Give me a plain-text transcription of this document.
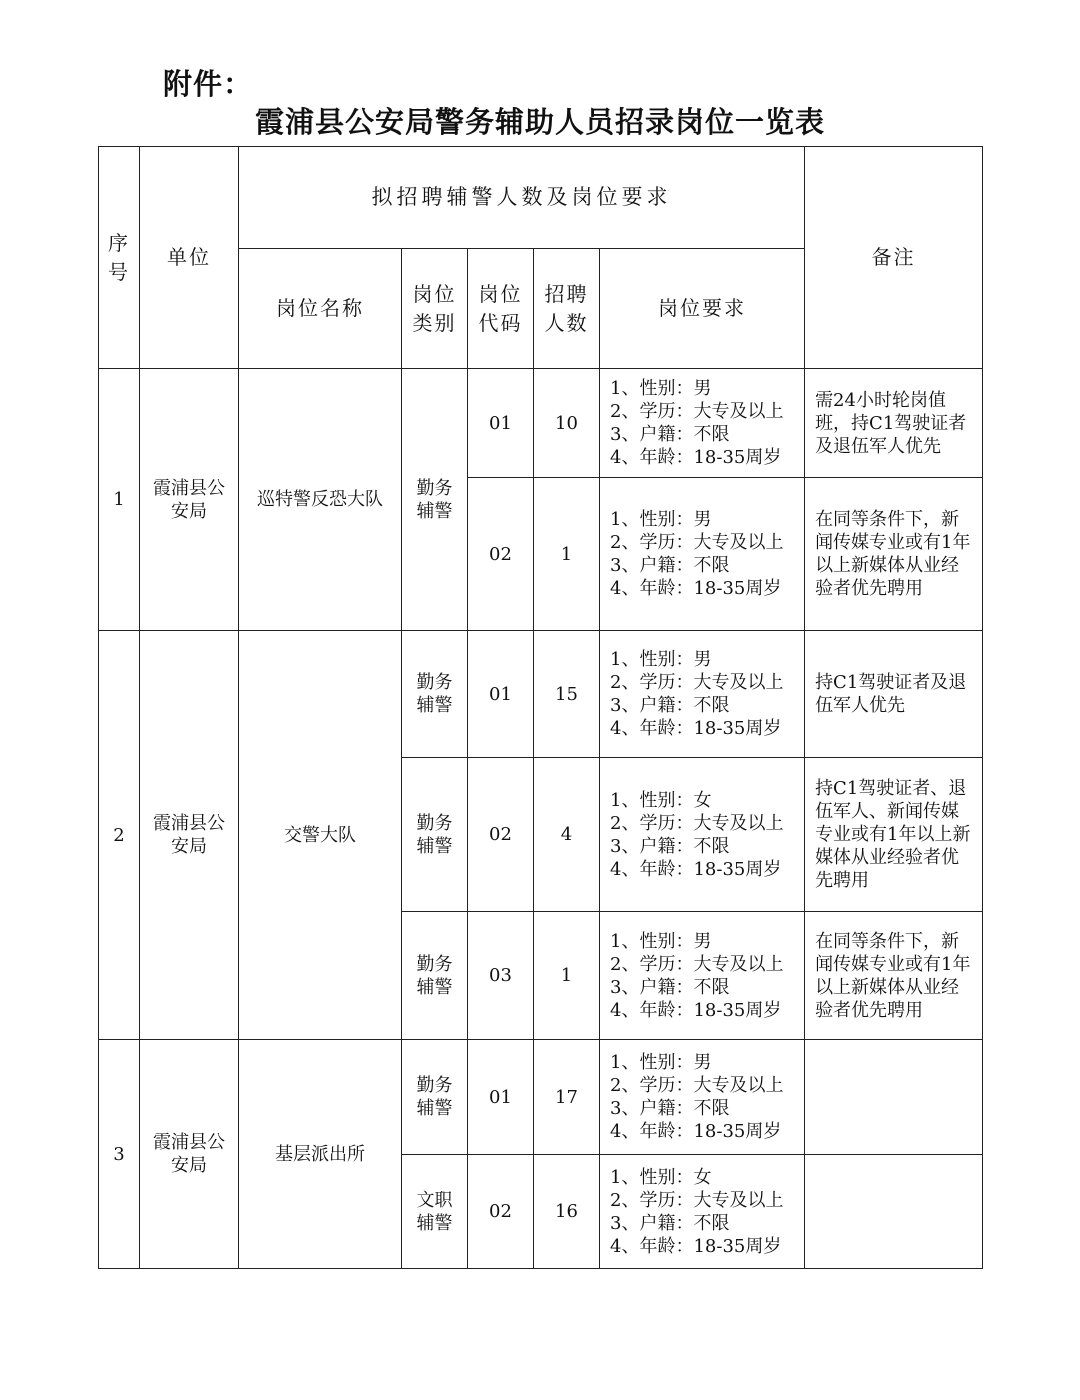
附件：
霞浦县公安局警务辅助人员招录岗位一览表
序号	单位	拟招聘辅警人数及岗位要求					备注
		岗位名称	岗位类别	岗位代码	招聘人数	岗位要求	
1	霞浦县公安局	巡特警反恐大队	勤务辅警	01	10	1、性别：男
2、学历：大专及以上
3、户籍：不限
4、年龄：18-35周岁	需24小时轮岗值班，持C1驾驶证者及退伍军人优先
				02	1	1、性别：男
2、学历：大专及以上
3、户籍：不限
4、年龄：18-35周岁	在同等条件下，新闻传媒专业或有1年以上新媒体从业经验者优先聘用
2	霞浦县公安局	交警大队	勤务辅警	01	15	1、性别：男
2、学历：大专及以上
3、户籍：不限
4、年龄：18-35周岁	持C1驾驶证者及退伍军人优先
			勤务辅警	02	4	1、性别：女
2、学历：大专及以上
3、户籍：不限
4、年龄：18-35周岁	持C1驾驶证者、退伍军人、新闻传媒专业或有1年以上新媒体从业经验者优先聘用
			勤务辅警	03	1	1、性别：男
2、学历：大专及以上
3、户籍：不限
4、年龄：18-35周岁	在同等条件下，新闻传媒专业或有1年以上新媒体从业经验者优先聘用
3	霞浦县公安局	基层派出所	勤务辅警	01	17	1、性别：男
2、学历：大专及以上
3、户籍：不限
4、年龄：18-35周岁	

			文职辅警	02	16	1、性别：女
2、学历：大专及以上
3、户籍：不限
4、年龄：18-35周岁	
